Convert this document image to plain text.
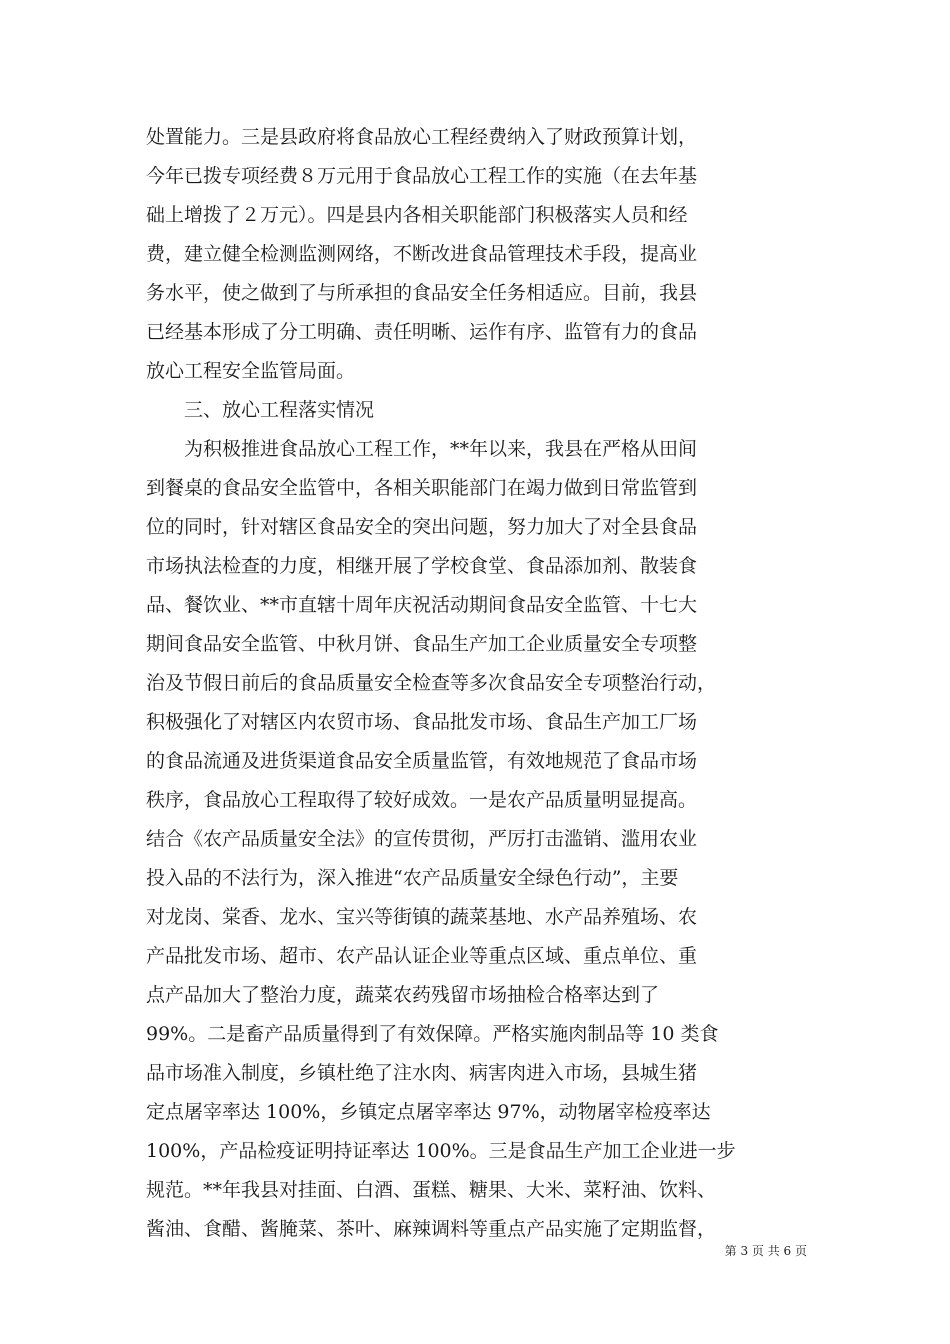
处置能力。三是县政府将食品放心工程经费纳入了财政预算计划，
今年已拨专项经费８万元用于食品放心工程工作的实施（在去年基
础上增拨了２万元）。四是县内各相关职能部门积极落实人员和经
费，建立健全检测监测网络，不断改进食品管理技术手段，提高业
务水平，使之做到了与所承担的食品安全任务相适应。目前，我县
已经基本形成了分工明确、责任明晰、运作有序、监管有力的食品
放心工程安全监管局面。
　　三、放心工程落实情况
　　为积极推进食品放心工程工作，**年以来，我县在严格从田间
到餐桌的食品安全监管中，各相关职能部门在竭力做到日常监管到
位的同时，针对辖区食品安全的突出问题，努力加大了对全县食品
市场执法检查的力度，相继开展了学校食堂、食品添加剂、散装食
品、餐饮业、**市直辖十周年庆祝活动期间食品安全监管、十七大
期间食品安全监管、中秋月饼、食品生产加工企业质量安全专项整
治及节假日前后的食品质量安全检查等多次食品安全专项整治行动，
积极强化了对辖区内农贸市场、食品批发市场、食品生产加工厂场
的食品流通及进货渠道食品安全质量监管，有效地规范了食品市场
秩序，食品放心工程取得了较好成效。一是农产品质量明显提高。
结合《农产品质量安全法》的宣传贯彻，严厉打击滥销、滥用农业
投入品的不法行为，深入推进“农产品质量安全绿色行动”，主要
对龙岗、棠香、龙水、宝兴等街镇的蔬菜基地、水产品养殖场、农
产品批发市场、超市、农产品认证企业等重点区域、重点单位、重
点产品加大了整治力度，蔬菜农药残留市场抽检合格率达到了
99%。二是畜产品质量得到了有效保障。严格实施肉制品等 10 类食
品市场准入制度，乡镇杜绝了注水肉、病害肉进入市场，县城生猪
定点屠宰率达 100%，乡镇定点屠宰率达 97%，动物屠宰检疫率达
100%，产品检疫证明持证率达 100%。三是食品生产加工企业进一步
规范。**年我县对挂面、白酒、蛋糕、糖果、大米、菜籽油、饮料、
酱油、食醋、酱腌菜、茶叶、麻辣调料等重点产品实施了定期监督，
第 3 页 共 6 页
